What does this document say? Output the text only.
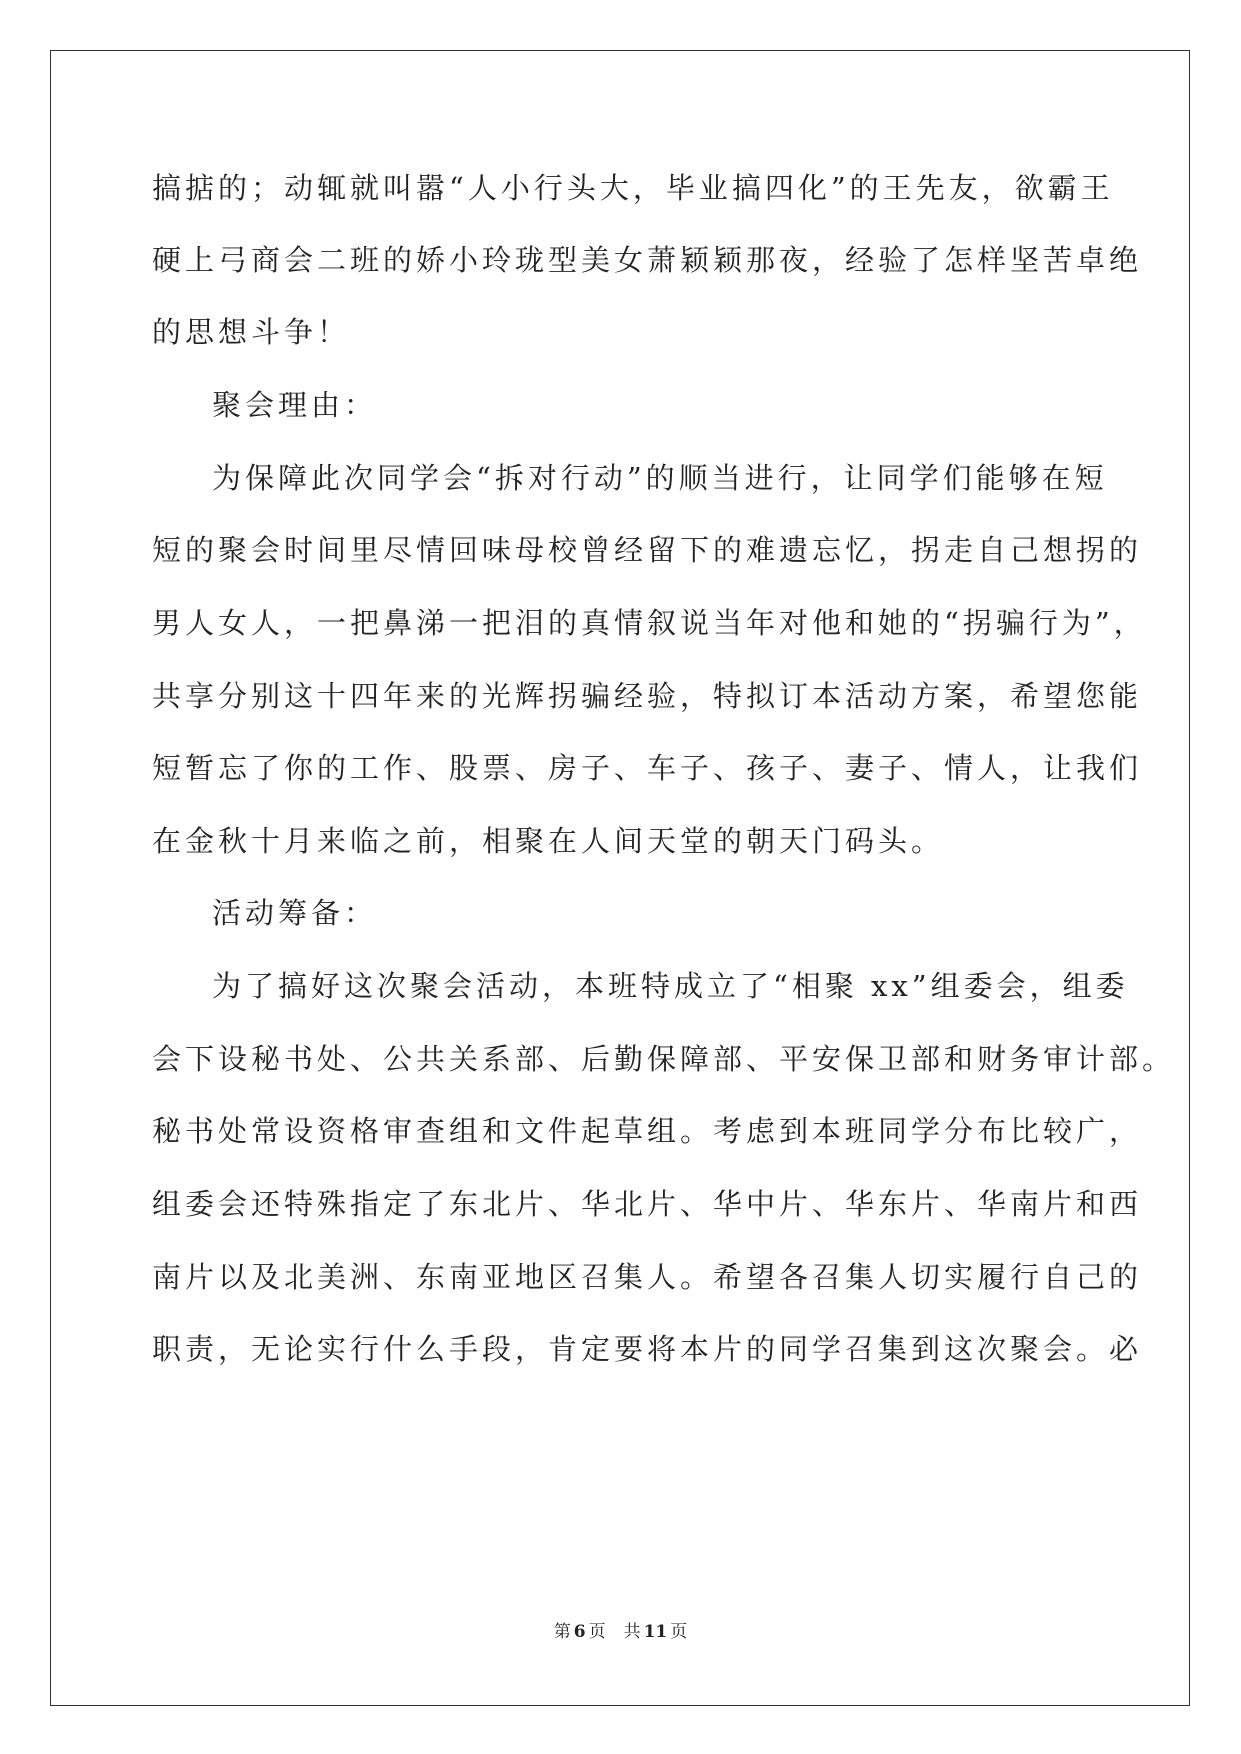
搞掂的；动辄就叫嚣“人小行头大，毕业搞四化”的王先友，欲霸王
硬上弓商会二班的娇小玲珑型美女萧颖颖那夜，经验了怎样坚苦卓绝
的思想斗争！
聚会理由：
为保障此次同学会“拆对行动”的顺当进行，让同学们能够在短
短的聚会时间里尽情回味母校曾经留下的难遗忘忆，拐走自己想拐的
男人女人，一把鼻涕一把泪的真情叙说当年对他和她的“拐骗行为”，
共享分别这十四年来的光辉拐骗经验，特拟订本活动方案，希望您能
短暂忘了你的工作、股票、房子、车子、孩子、妻子、情人，让我们
在金秋十月来临之前，相聚在人间天堂的朝天门码头。
活动筹备：
为了搞好这次聚会活动，本班特成立了“相聚 xx”组委会，组委
会下设秘书处、公共关系部、后勤保障部、平安保卫部和财务审计部。
秘书处常设资格审查组和文件起草组。考虑到本班同学分布比较广，
组委会还特殊指定了东北片、华北片、华中片、华东片、华南片和西
南片以及北美洲、东南亚地区召集人。希望各召集人切实履行自己的
职责，无论实行什么手段，肯定要将本片的同学召集到这次聚会。必
第 6 页 共 11 页
